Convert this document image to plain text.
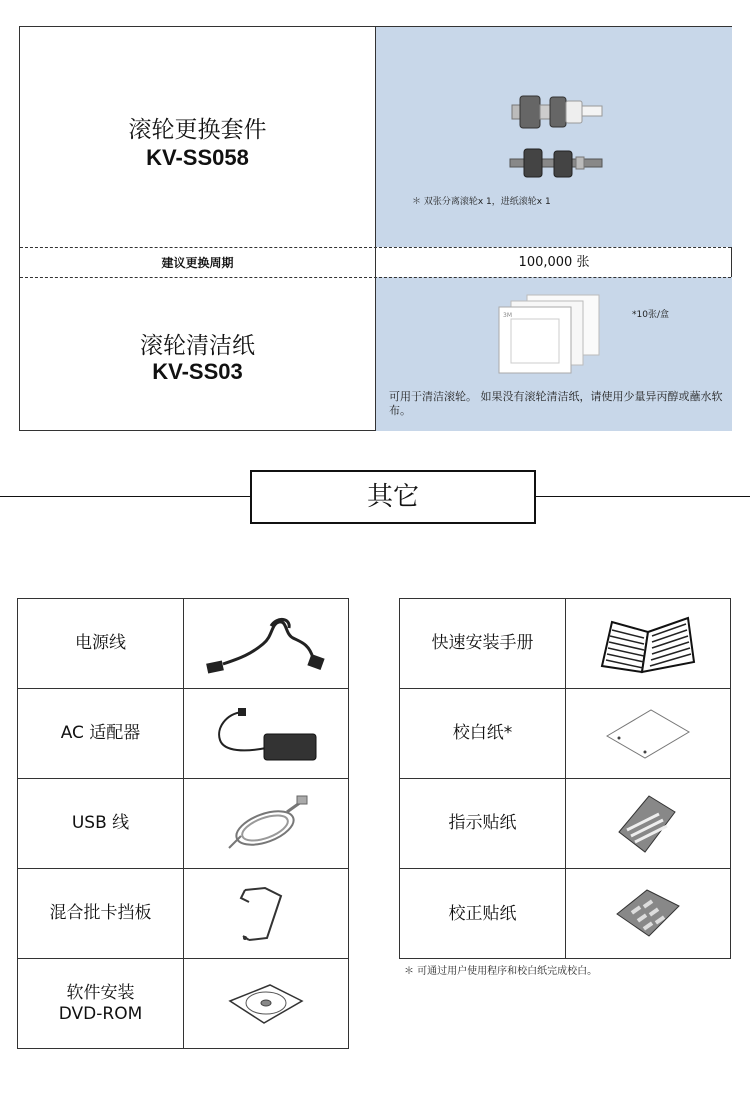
滚轮更换套件
KV-SS058
＊ 双张分离滚轮x 1，进纸滚轮x 1
建议更换周期	100,000 张
滚轮清洁纸
KV-SS03
3M	*10张/盒
可用于清洁滚轮。 如果没有滚轮清洁纸，请使用少量异丙醇或蘸水软布。
其它
电源线
AC 适配器
USB 线
混合批卡挡板
软件安装
DVD-ROM
快速安装手册
校白纸*
指示贴纸
校正贴纸
＊ 可通过用户使用程序和校白纸完成校白。
